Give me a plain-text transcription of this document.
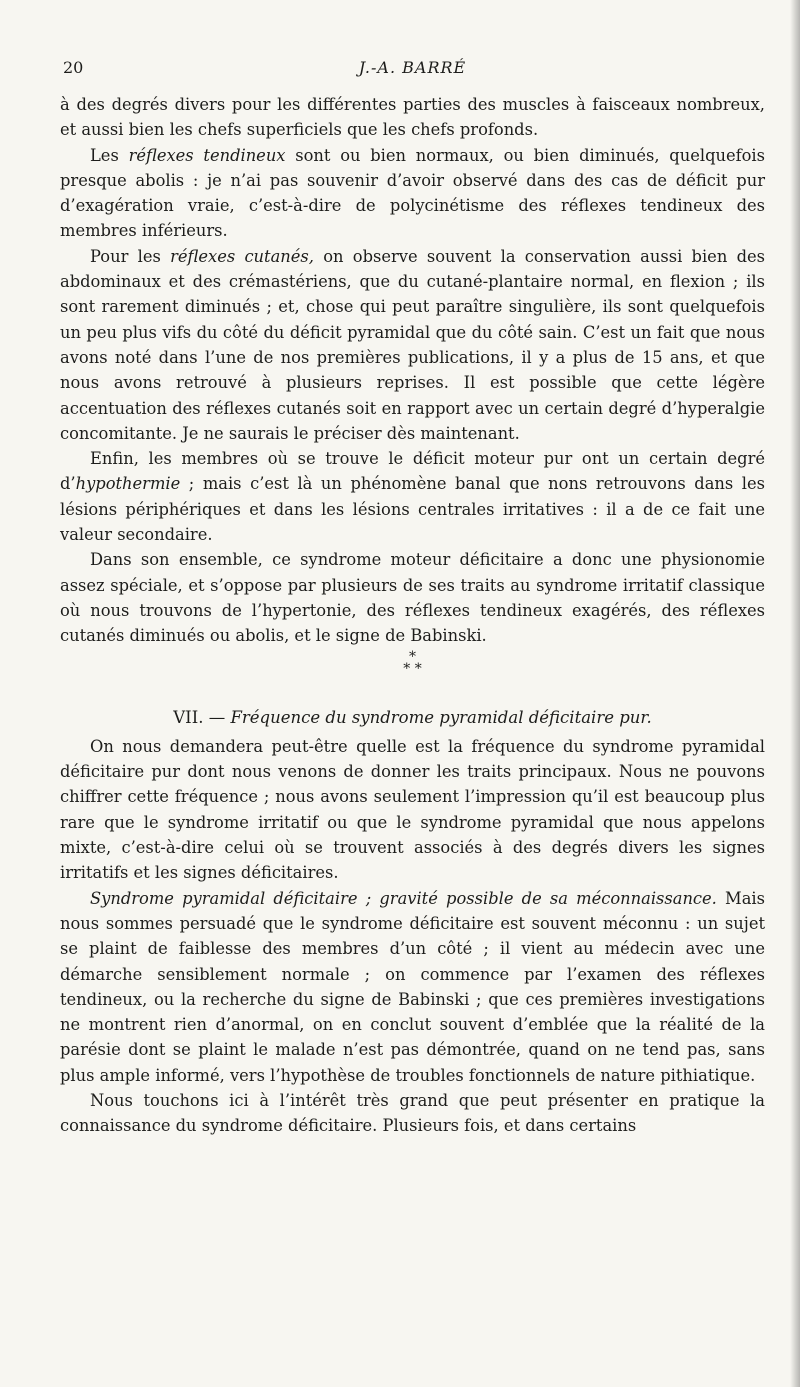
20	J.-A. BARRÉ

à des degrés divers pour les différentes parties des muscles à faisceaux nombreux, et aussi bien les chefs superficiels que les chefs profonds.

Les réflexes tendineux sont ou bien normaux, ou bien diminués, quelquefois presque abolis : je n’ai pas souvenir d’avoir observé dans des cas de déficit pur d’exagération vraie, c’est-à-dire de polycinétisme des réflexes tendineux des membres inférieurs.

Pour les réflexes cutanés, on observe souvent la conservation aussi bien des abdominaux et des crémastériens, que du cutané-plantaire normal, en flexion ; ils sont rarement diminués ; et, chose qui peut paraître singulière, ils sont quelquefois un peu plus vifs du côté du déficit pyramidal que du côté sain. C’est un fait que nous avons noté dans l’une de nos premières publications, il y a plus de 15 ans, et que nous avons retrouvé à plusieurs reprises. Il est possible que cette légère accentuation des réflexes cutanés soit en rapport avec un certain degré d’hyperalgie concomitante. Je ne saurais le préciser dès maintenant.

Enfin, les membres où se trouve le déficit moteur pur ont un certain degré d’hypothermie ; mais c’est là un phénomène banal que nons retrouvons dans les lésions périphériques et dans les lésions centrales irritatives : il a de ce fait une valeur secondaire.

Dans son ensemble, ce syndrome moteur déficitaire a donc une physionomie assez spéciale, et s’oppose par plusieurs de ses traits au syndrome irritatif classique où nous trouvons de l’hypertonie, des réflexes tendineux exagérés, des réflexes cutanés diminués ou abolis, et le signe de Babinski.

*
* *
VII. — Fréquence du syndrome pyramidal déficitaire pur.

On nous demandera peut-être quelle est la fréquence du syndrome pyramidal déficitaire pur dont nous venons de donner les traits principaux. Nous ne pouvons chiffrer cette fréquence ; nous avons seulement l’impression qu’il est beaucoup plus rare que le syndrome irritatif ou que le syndrome pyramidal que nous appelons mixte, c’est-à-dire celui où se trouvent associés à des degrés divers les signes irritatifs et les signes déficitaires.

Syndrome pyramidal déficitaire ; gravité possible de sa méconnaissance. Mais nous sommes persuadé que le syndrome déficitaire est souvent méconnu : un sujet se plaint de faiblesse des membres d’un côté ; il vient au médecin avec une démarche sensiblement normale ; on commence par l’examen des réflexes tendineux, ou la recherche du signe de Babinski ; que ces premières investigations ne montrent rien d’anormal, on en conclut souvent d’emblée que la réalité de la parésie dont se plaint le malade n’est pas démontrée, quand on ne tend pas, sans plus ample informé, vers l’hypothèse de troubles fonctionnels de nature pithiatique.

Nous touchons ici à l’intérêt très grand que peut présenter en pratique la connaissance du syndrome déficitaire. Plusieurs fois, et dans certains
